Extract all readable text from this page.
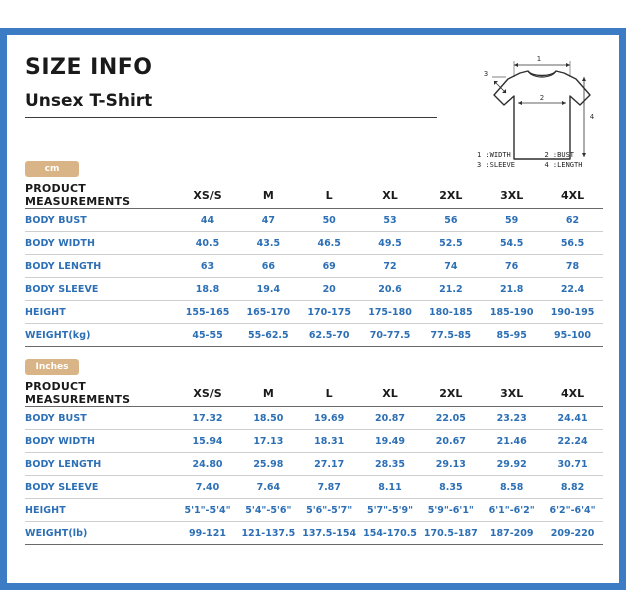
SIZE INFO
Unsex T-Shirt
1
3
2
4
1 :WIDTH	2 :BUST
3 :SLEEVE	4 :LENGTH
cm
PRODUCT MEASUREMENTS	XS/S	M	L	XL	2XL	3XL	4XL
BODY BUST	44	47	50	53	56	59	62
BODY WIDTH	40.5	43.5	46.5	49.5	52.5	54.5	56.5
BODY LENGTH	63	66	69	72	74	76	78
BODY SLEEVE	18.8	19.4	20	20.6	21.2	21.8	22.4
HEIGHT	155-165	165-170	170-175	175-180	180-185	185-190	190-195
WEIGHT(kg)	45-55	55-62.5	62.5-70	70-77.5	77.5-85	85-95	95-100
Inches
PRODUCT MEASUREMENTS	XS/S	M	L	XL	2XL	3XL	4XL
BODY BUST	17.32	18.50	19.69	20.87	22.05	23.23	24.41
BODY WIDTH	15.94	17.13	18.31	19.49	20.67	21.46	22.24
BODY LENGTH	24.80	25.98	27.17	28.35	29.13	29.92	30.71
BODY SLEEVE	7.40	7.64	7.87	8.11	8.35	8.58	8.82
HEIGHT	5'1"-5'4"	5'4"-5'6"	5'6"-5'7"	5'7"-5'9"	5'9"-6'1"	6'1"-6'2"	6'2"-6'4"
WEIGHT(lb)	99-121	121-137.5	137.5-154	154-170.5	170.5-187	187-209	209-220
